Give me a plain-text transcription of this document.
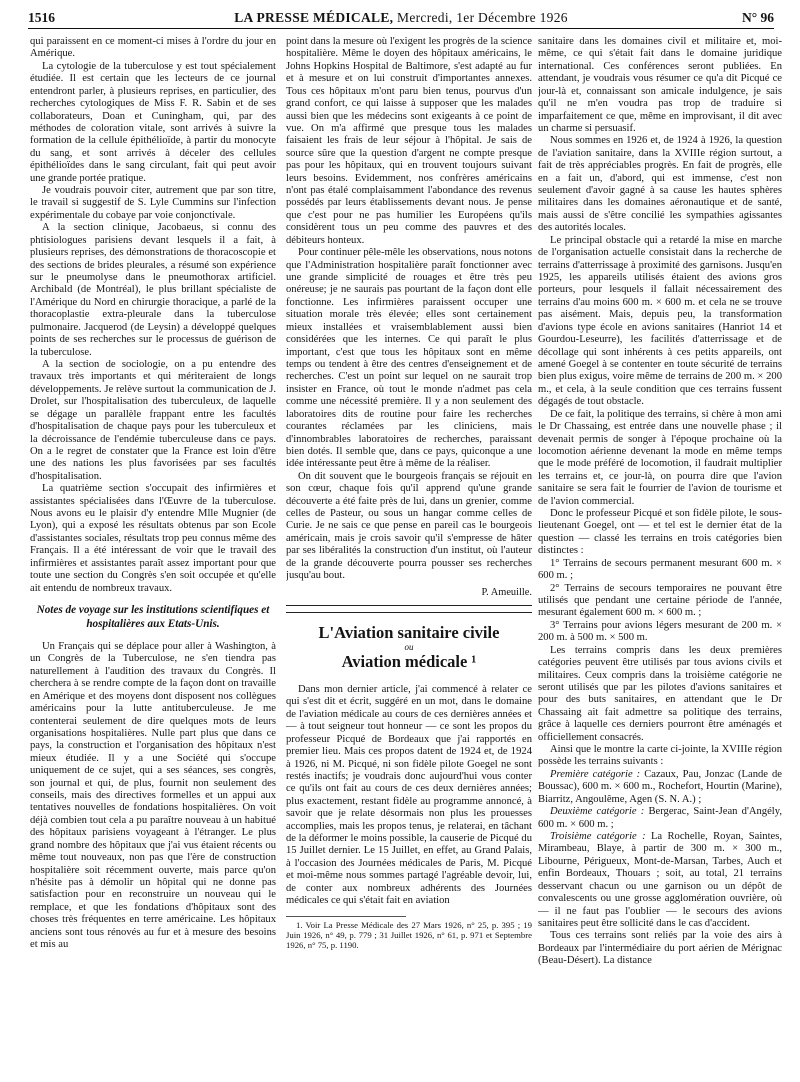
1516	LA PRESSE MÉDICALE, Mercredi, 1er Décembre 1926	N° 96

qui paraissent en ce moment-ci mises à l'ordre du jour en Amérique.

La cytologie de la tuberculose y est tout spécialement étudiée. Il est certain que les lecteurs de ce journal entendront parler, à plusieurs reprises, en particulier, des recherches cytologiques de Miss F. R. Sabin et de ses collaborateurs, Doan et Cuningham, qui, par des méthodes de coloration vitale, sont arrivés à suivre la formation de la cellule épithélioïde, à partir du monocyte du sang, et sont arrivés à déceler des cellules épithélioïdes dans le sang circulant, fait qui peut avoir une grande portée pratique.

Je voudrais pouvoir citer, autrement que par son titre, le travail si suggestif de S. Lyle Cummins sur l'infection expérimentale du cobaye par voie conjonctivale.

A la section clinique, Jacobaeus, si connu des phtisiologues parisiens devant lesquels il a fait, à plusieurs reprises, des démonstrations de thoracoscopie et des sections de brides pleurales, a résumé son expérience sur le pneumolyse dans le pneumothorax artificiel. Archibald (de Montréal), le plus brillant spécialiste de l'Amérique du Nord en chirurgie thoracique, a parlé de la thoracoplastie extra-pleurale dans la tuberculose pulmonaire. Jacquerod (de Leysin) a développé quelques points de ses recherches sur le processus de guérison de la tuberculose.

A la section de sociologie, on a pu entendre des travaux très importants et qui mériteraient de longs développements. Je relève surtout la communication de J. Drolet, sur l'hospitalisation des tuberculeux, de laquelle se dégage un parallèle frappant entre les facultés d'hospitalisation de chaque pays pour les tuberculeux et la décroissance de l'endémie tuberculeuse dans ce pays. On a le regret de constater que la France est loin d'être une des nations les plus favorisées par ses facultés d'hospitalisation.

La quatrième section s'occupait des infirmières et assistantes spécialisées dans l'Œuvre de la tuberculose. Nous avons eu le plaisir d'y entendre Mlle Mugnier (de Lyon), qui a exposé les résultats obtenus par son Ecole d'assistantes sociales, résultats trop peu connus même des Français. Il a été intéressant de voir que le travail des infirmières et assistantes paraît assez important pour que toute une section du Congrès s'en soit occupée et qu'elle ait entendu de nombreux travaux.

Notes de voyage sur les institutions scientifiques et hospitalières aux Etats-Unis.

Un Français qui se déplace pour aller à Washington, à un Congrès de la Tuberculose, ne s'en tiendra pas naturellement à l'audition des travaux du Congrès. Il cherchera à se rendre compte de la façon dont on travaille en Amérique et des moyens dont disposent nos collègues américains pour la lutte antituberculeuse. Je me contenterai seulement de dire quelques mots de leurs organisations hospitalières. Nulle part plus que dans ce pays, la construction et l'organisation des hôpitaux n'est mieux étudiée. Il y a une Société qui s'occupe uniquement de ce sujet, qui a ses séances, ses congrès, son journal et qui, de plus, fournit non seulement des conseils, mais des directives formelles et un appui aux tentatives nouvelles de fondations hospitalières. On voit déjà combien tout cela a pu paraître nouveau à un habitué des hôpitaux parisiens voyageant à l'étranger. Le plus grand nombre des hôpitaux que j'ai vus étaient récents ou même tout nouveaux, non pas que l'ère de construction hospitalière soit récemment ouverte, mais parce qu'on n'hésite pas à démolir un hôpital qui ne donne pas satisfaction pour en reconstruire un nouveau qui le remplace, et que les fondations d'hôpitaux sont des choses très fréquentes en terre américaine. Les hôpitaux anciens sont tous rénovés au fur et à mesure des besoins et mis au

point dans la mesure où l'exigent les progrès de la science hospitalière. Même le doyen des hôpitaux américains, le Johns Hopkins Hospital de Baltimore, s'est adapté au fur et à mesure et on lui construit d'importantes annexes. Tous ces hôpitaux m'ont paru bien tenus, pourvus d'un grand confort, ce qui laisse à supposer que les malades aussi bien que les médecins sont exigeants à ce point de vue. On m'a affirmé que presque tous les malades faisaient les frais de leur séjour à l'hôpital. Je sais de source sûre que la question d'argent ne compte presque pas pour les hôpitaux, qui en trouvent toujours suivant leurs besoins. Evidemment, nos confrères américains n'ont pas étalé complaisamment l'abondance des revenus possédés par leurs établissements devant nous. Je pense que c'est pour ne pas humilier les Européens qu'ils considèrent tous un peu comme des pauvres et des débiteurs honteux.

Pour continuer pêle-mêle les observations, nous notons que l'Administration hospitalière paraît fonctionner avec une grande simplicité de rouages et être très peu onéreuse; je ne saurais pas pourtant de la façon dont elle fonctionne. Les infirmières paraissent occuper une situation morale très élevée; elles sont certainement mieux installées et vraisemblablement aussi bien considérées que les internes. Ce qui paraît le plus important, c'est que tous les hôpitaux sont en même temps ou tendent à être des centres d'enseignement et de recherches. C'est un point sur lequel on ne saurait trop insister en France, où tout le monde n'admet pas cela comme une nécessité première. Il y a non seulement des laboratoires dits de routine pour faire les recherches courantes réclamées par les cliniciens, mais d'innombrables laboratoires de recherches, paraissant bien dotés. Il semble que, dans ce pays, quiconque a une idée intéressante peut être à même de la réaliser.

On dit souvent que le bourgeois français se réjouit en son cœur, chaque fois qu'il apprend qu'une grande découverte a été faite près de lui, dans un grenier, comme celles de Pasteur, ou sous un hangar comme celles de Curie. Je ne sais ce que pense en pareil cas le bourgeois américain, mais je crois savoir qu'il s'empresse de hâter par ses libéralités la construction d'un institut, où l'auteur de la grande découverte pourra pousser ses recherches jusqu'au bout.

P. Ameuille.
L'Aviation sanitaire civile
ou
Aviation médicale ¹

Dans mon dernier article, j'ai commencé à relater ce qui s'est dit et écrit, suggéré en un mot, dans le domaine de l'aviation médicale au cours de ces dernières années et — à tout seigneur tout honneur — ce sont les propos du professeur Picqué de Bordeaux que j'ai rapportés en premier lieu. Mais ces propos datent de 1924 et, de 1924 à 1926, ni M. Picqué, ni son fidèle pilote Goegel ne sont restés inactifs; je voudrais donc aujourd'hui vous conter ce qu'ils ont fait au cours de ces deux dernières années; plus exactement, restant fidèle au programme annoncé, à savoir que je relate désormais non plus les prouesses accomplies, mais les propos tenus, je relaterai, en tâchant de la déformer le moins possible, la causerie de Picqué du 15 Juillet dernier. Le 15 Juillet, en effet, au Grand Palais, à l'occasion des Journées médicales de Paris, M. Picqué et moi-même nous sommes partagé l'agréable devoir, lui, de conter aux nombreux adhérents des Journées médicales ce qui s'était fait en aviation

1. Voir La Presse Médicale des 27 Mars 1926, n° 25, p. 395 ; 19 Juin 1926, n° 49, p. 779 ; 31 Juillet 1926, n° 61, p. 971 et Septembre 1926, n° 75, p. 1190.

sanitaire dans les domaines civil et militaire et, moi-même, ce qui s'était fait dans le domaine juridique international. Ces conférences seront publiées. En attendant, je voudrais vous résumer ce qu'a dit Picqué ce jour-là et, connaissant son amicale indulgence, je sais qu'il ne m'en voudra pas trop de traduire si imparfaitement ce que, même en improvisant, il dit avec un charme si persuasif.

Nous sommes en 1926 et, de 1924 à 1926, la question de l'aviation sanitaire, dans la XVIIIe région surtout, a fait de très appréciables progrès. En fait de progrès, elle en a fait un, d'abord, qui est immense, c'est non seulement d'avoir gagné à sa cause les hautes sphères militaires dans les domaines aéronautique et de santé, mais aussi de s'être concilié les sympathies agissantes des autorités locales.

Le principal obstacle qui a retardé la mise en marche de l'organisation actuelle consistait dans la recherche de terrains d'atterrissage à proximité des garnisons. Jusqu'en 1925, les appareils utilisés étaient des avions gros porteurs, pour lesquels il fallait nécessairement des terrains d'au moins 600 m. × 600 m. et cela ne se trouve pas aisément. Mais, depuis peu, la transformation d'avions type école en avions sanitaires (Hanriot 14 et Gourdou-Leseurre), les facilités d'atterrissage et de décollage qui sont inhérents à ces petits appareils, ont amené Goegel à se contenter en toute sécurité de terrains bien plus exigus, voire même de terrains de 200 m. × 200 m., et cela, à la seule condition que ces terrains fussent dégagés de tout obstacle.

De ce fait, la politique des terrains, si chère à mon ami le Dr Chassaing, est entrée dans une nouvelle phase ; il devenait permis de songer à l'époque prochaine où la locomotion aérienne devenant la mode en même temps que le mode préféré de locomotion, il faudrait multiplier les terrains et, ce jour-là, on pourra dire que l'avion sanitaire se sera fait le fourrier de l'avion de tourisme et de l'avion commercial.

Donc le professeur Picqué et son fidèle pilote, le sous-lieutenant Goegel, ont — et tel est le dernier état de la question — classé les terrains en trois catégories bien distinctes :

1° Terrains de secours permanent mesurant 600 m. × 600 m. ;

2° Terrains de secours temporaires ne pouvant être utilisés que pendant une certaine période de l'année, mesurant également 600 m. × 600 m. ;

3° Terrains pour avions légers mesurant de 200 m. × 200 m. à 500 m. × 500 m.

Les terrains compris dans les deux premières catégories peuvent être utilisés par tous avions civils et militaires. Ceux compris dans la troisième catégorie ne seront utilisés que par les pilotes d'avions sanitaires et pour des buts sanitaires, en attendant que le Dr Chassaing ait fait admettre sa politique des terrains, grâce à laquelle ces derniers pourront être aménagés et officiellement consacrés.

Ainsi que le montre la carte ci-jointe, la XVIIIe région possède les terrains suivants :

Première catégorie : Cazaux, Pau, Jonzac (Lande de Boussac), 600 m. × 600 m., Rochefort, Hourtin (Marine), Biarritz, Angoulême, Agen (S. N. A.) ;

Deuxième catégorie : Bergerac, Saint-Jean d'Angély, 600 m. × 600 m. ;

Troisième catégorie : La Rochelle, Royan, Saintes, Mirambeau, Blaye, à partir de 300 m. × 300 m., Libourne, Périgueux, Mont-de-Marsan, Tarbes, Auch et enfin Bordeaux, Thouars ; soit, au total, 21 terrains desservant chacun ou une garnison ou un dépôt de convalescents ou une grosse agglomération ouvrière, où — il ne faut pas l'oublier — le secours des avions sanitaires peut être sollicité dans le cas d'accident.

Tous ces terrains sont reliés par la voie des airs à Bordeaux par l'intermédiaire du port aérien de Mérignac (Beau-Désert). La distance
